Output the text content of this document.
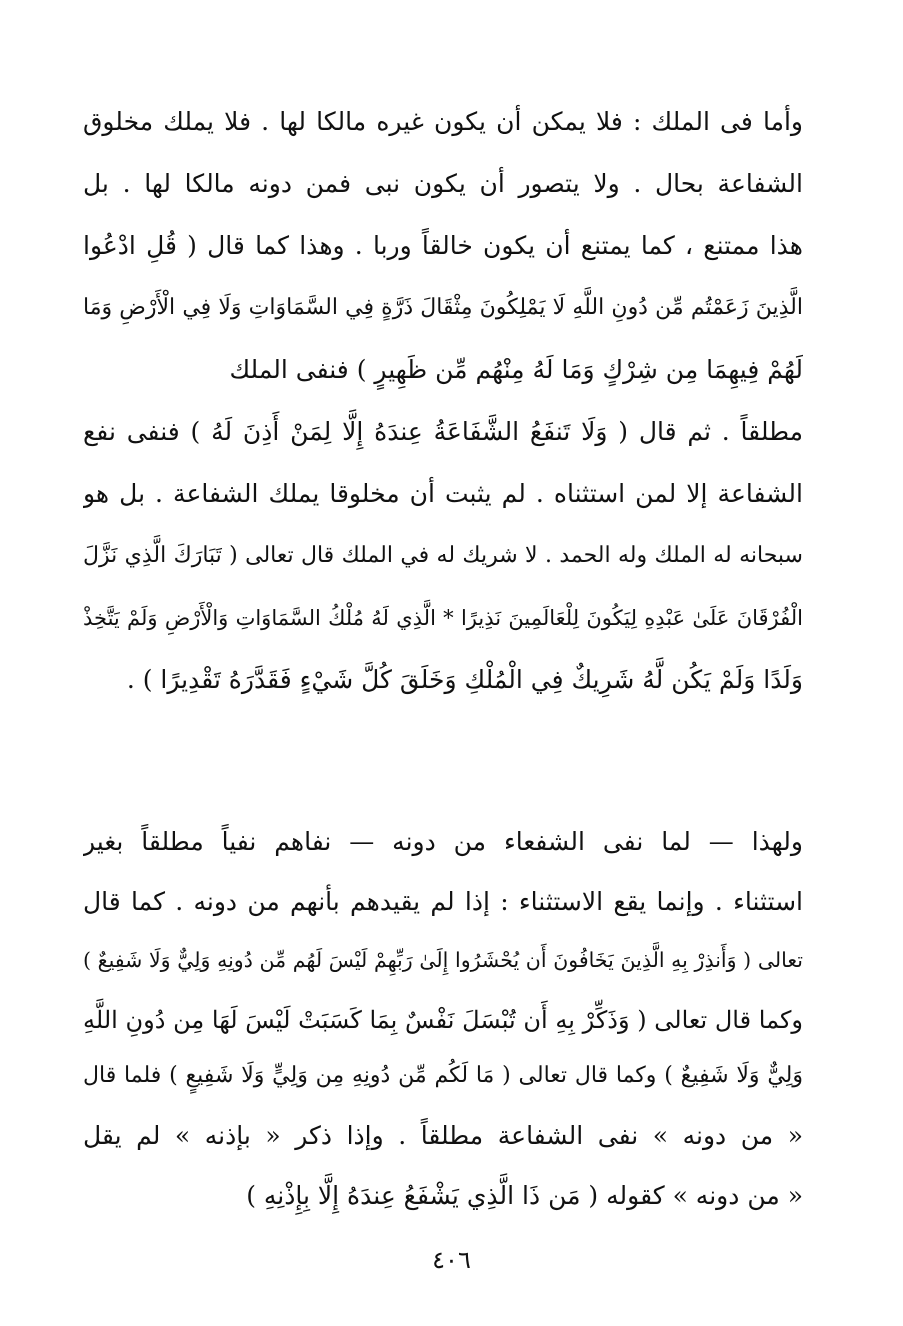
وأما فى الملك : فلا يمكن أن يكون غيره مالكا لها . فلا يملك مخلوق
الشفاعة بحال . ولا يتصور أن يكون نبى فمن دونه مالكا لها . بل
هذا ممتنع ، كما يمتنع أن يكون خالقاً وربا . وهذا كما قال ( قُلِ ادْعُوا
الَّذِينَ زَعَمْتُم مِّن دُونِ اللَّهِ لَا يَمْلِكُونَ مِثْقَالَ ذَرَّةٍ فِي السَّمَاوَاتِ وَلَا فِي الْأَرْضِ وَمَا
لَهُمْ فِيهِمَا مِن شِرْكٍ وَمَا لَهُ مِنْهُم مِّن ظَهِيرٍ ) فنفى الملك
مطلقاً . ثم قال ( وَلَا تَنفَعُ الشَّفَاعَةُ عِندَهُ إِلَّا لِمَنْ أَذِنَ لَهُ ) فنفى نفع
الشفاعة إلا لمن استثناه . لم يثبت أن مخلوقا يملك الشفاعة . بل هو
سبحانه له الملك وله الحمد . لا شريك له في الملك قال تعالى ( تَبَارَكَ الَّذِي نَزَّلَ
الْفُرْقَانَ عَلَىٰ عَبْدِهِ لِيَكُونَ لِلْعَالَمِينَ نَذِيرًا * الَّذِي لَهُ مُلْكُ السَّمَاوَاتِ وَالْأَرْضِ وَلَمْ يَتَّخِذْ
وَلَدًا وَلَمْ يَكُن لَّهُ شَرِيكٌ فِي الْمُلْكِ وَخَلَقَ كُلَّ شَيْءٍ فَقَدَّرَهُ تَقْدِيرًا ) .
ولهذا — لما نفى الشفعاء من دونه — نفاهم نفياً مطلقاً بغير
استثناء . وإنما يقع الاستثناء : إذا لم يقيدهم بأنهم من دونه . كما قال
تعالى ( وَأَنذِرْ بِهِ الَّذِينَ يَخَافُونَ أَن يُحْشَرُوا إِلَىٰ رَبِّهِمْ لَيْسَ لَهُم مِّن دُونِهِ وَلِيٌّ وَلَا شَفِيعٌ )
وكما قال تعالى ( وَذَكِّرْ بِهِ أَن تُبْسَلَ نَفْسٌ بِمَا كَسَبَتْ لَيْسَ لَهَا مِن دُونِ اللَّهِ
وَلِيٌّ وَلَا شَفِيعٌ ) وكما قال تعالى ( مَا لَكُم مِّن دُونِهِ مِن وَلِيٍّ وَلَا شَفِيعٍ ) فلما قال
« من دونه » نفى الشفاعة مطلقاً . وإذا ذكر « بإذنه » لم يقل
« من دونه » كقوله ( مَن ذَا الَّذِي يَشْفَعُ عِندَهُ إِلَّا بِإِذْنِهِ )
٤٠٦
